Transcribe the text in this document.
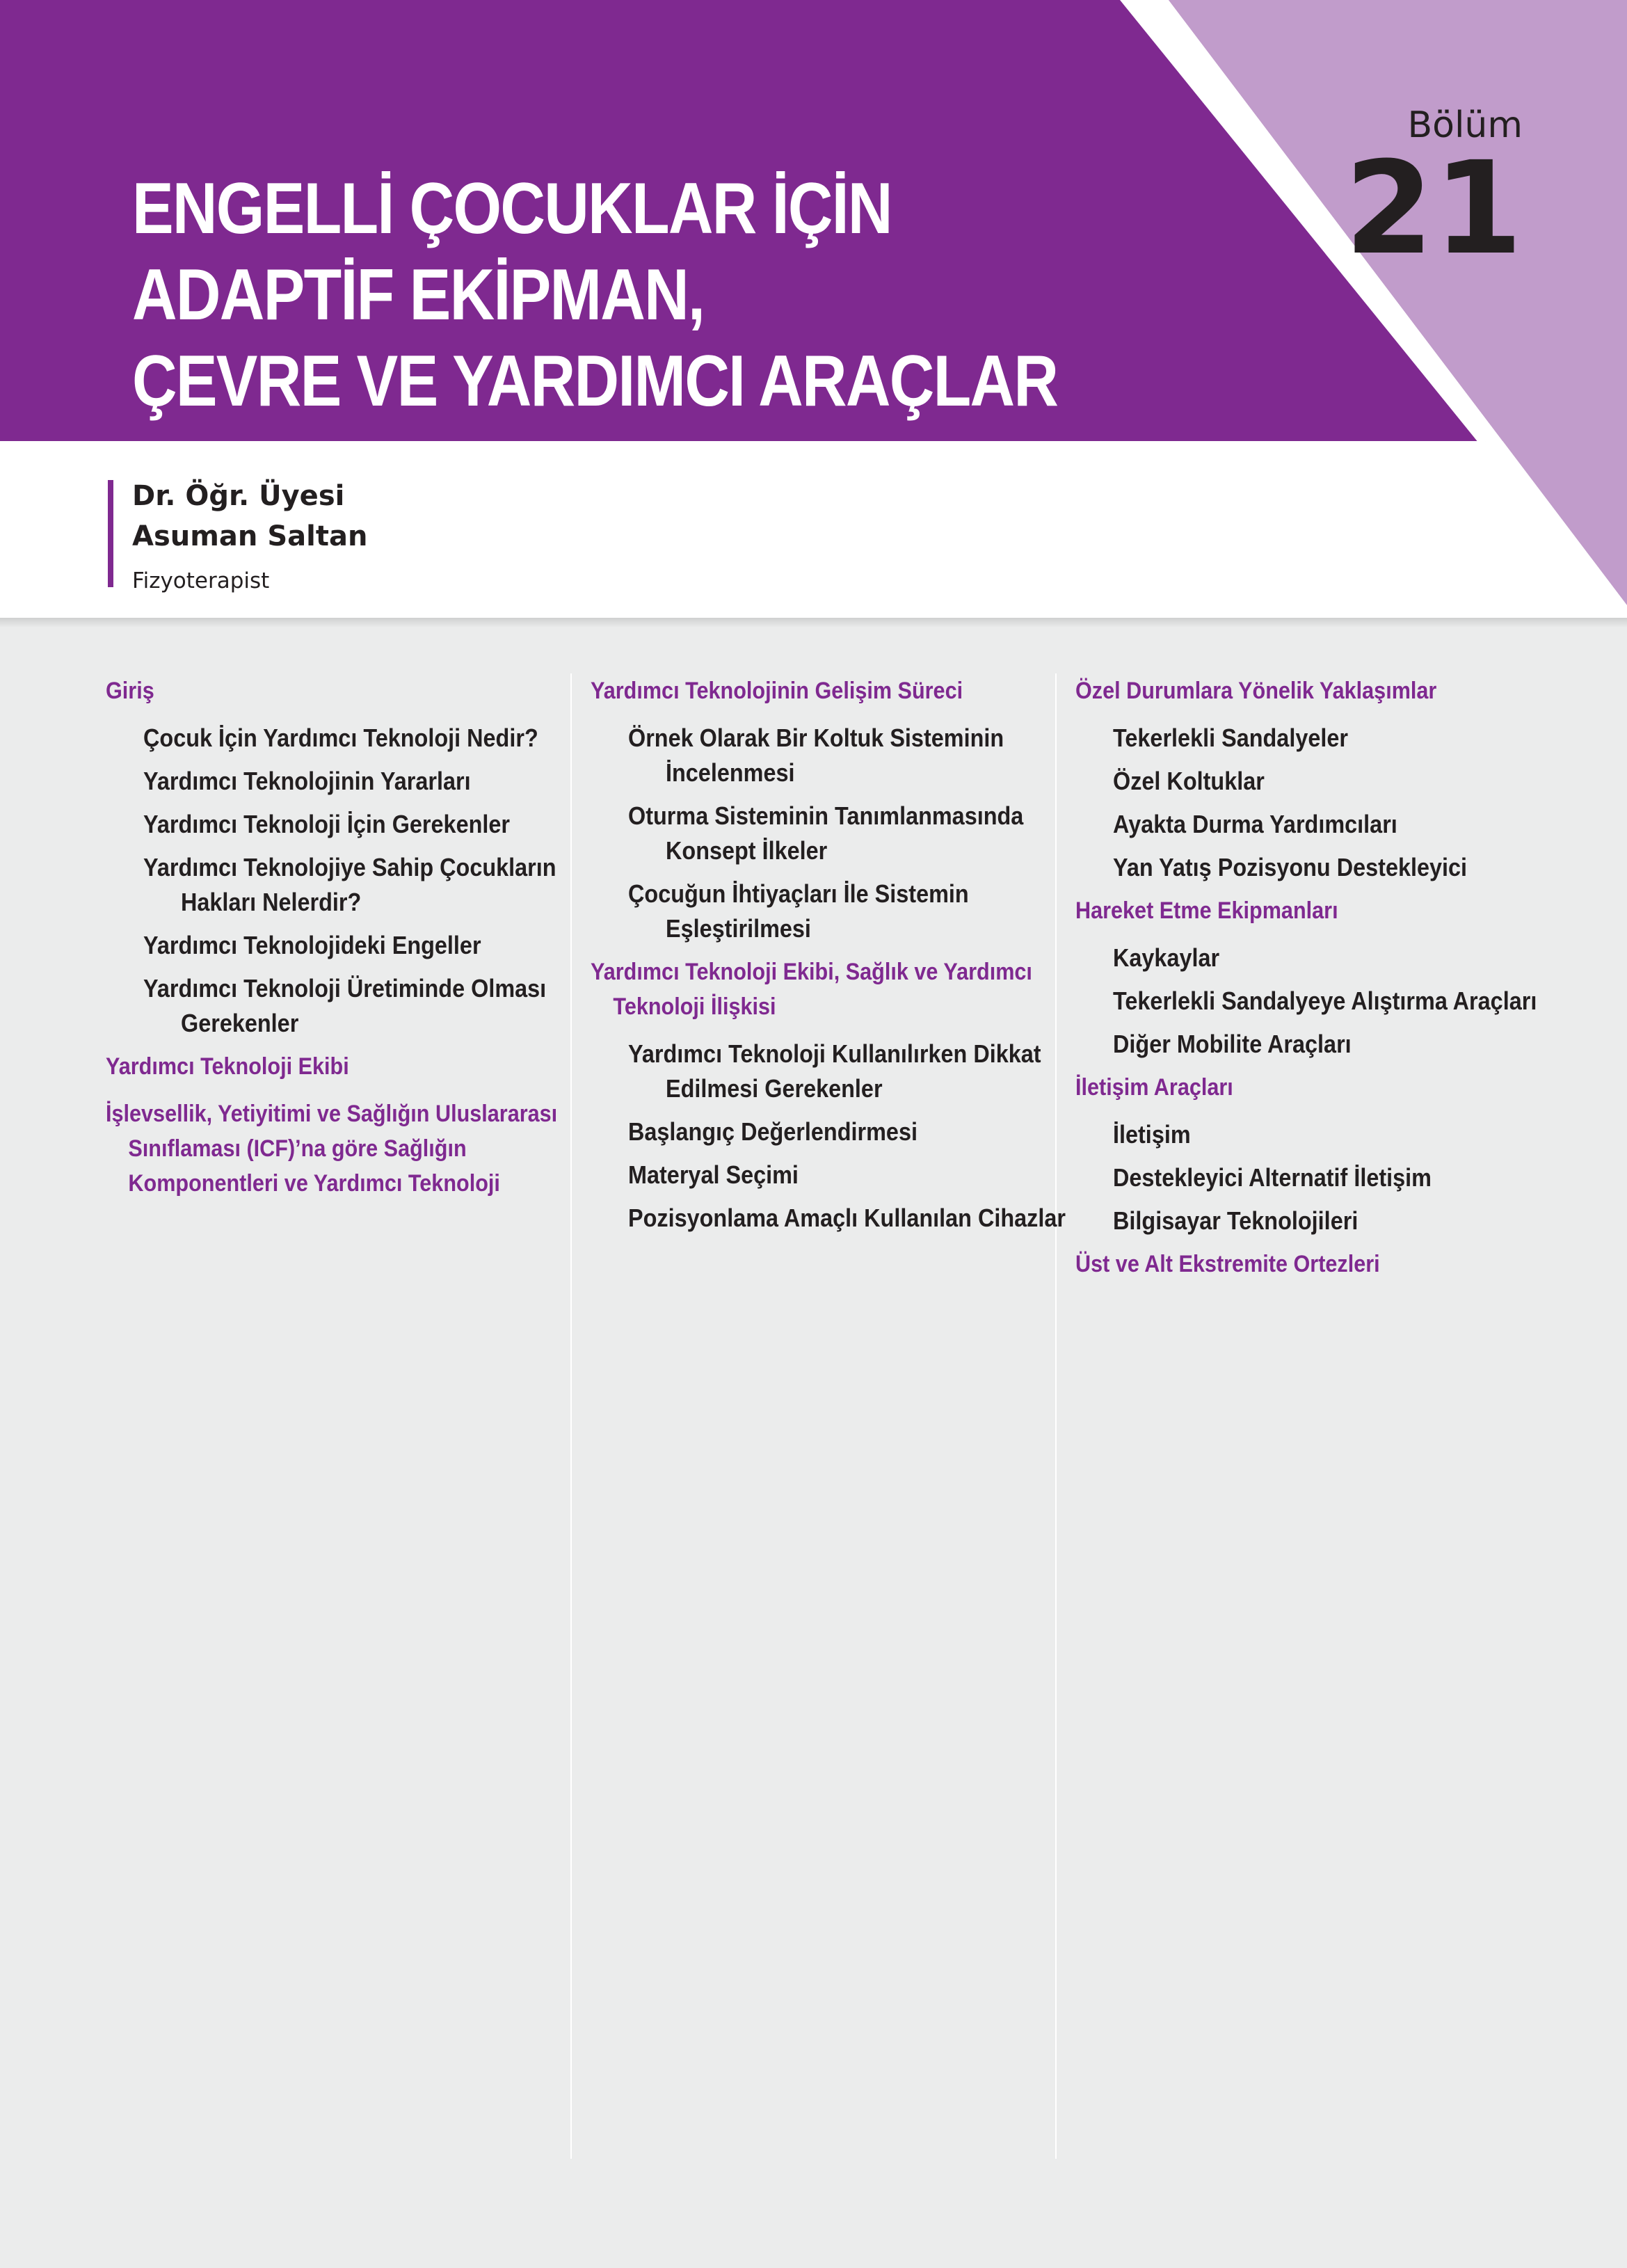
ENGELLİ ÇOCUKLAR İÇİN
ADAPTİF EKİPMAN,
ÇEVRE VE YARDIMCI ARAÇLAR
Bölüm
21
Dr. Öğr. Üyesi
Asuman Saltan
Fizyoterapist
Giriş
Çocuk İçin Yardımcı Teknoloji Nedir?
Yardımcı Teknolojinin Yararları
Yardımcı Teknoloji İçin Gerekenler
Yardımcı Teknolojiye Sahip Çocukların Hakları Nelerdir?
Yardımcı Teknolojideki Engeller
Yardımcı Teknoloji Üretiminde Olması Gerekenler
Yardımcı Teknoloji Ekibi
İşlevsellik, Yetiyitimi ve Sağlığın Uluslararası Sınıflaması (ICF)’na göre Sağlığın Komponentleri ve Yardımcı Teknoloji
Yardımcı Teknolojinin Gelişim Süreci
Örnek Olarak Bir Koltuk Sisteminin İncelenmesi
Oturma Sisteminin Tanımlanmasında Konsept İlkeler
Çocuğun İhtiyaçları İle Sistemin Eşleştirilmesi
Yardımcı Teknoloji Ekibi, Sağlık ve Yardımcı Teknoloji İlişkisi
Yardımcı Teknoloji Kullanılırken Dikkat Edilmesi Gerekenler
Başlangıç Değerlendirmesi
Materyal Seçimi
Pozisyonlama Amaçlı Kullanılan Cihazlar
Özel Durumlara Yönelik Yaklaşımlar
Tekerlekli Sandalyeler
Özel Koltuklar
Ayakta Durma Yardımcıları
Yan Yatış Pozisyonu Destekleyici
Hareket Etme Ekipmanları
Kaykaylar
Tekerlekli Sandalyeye Alıştırma Araçları
Diğer Mobilite Araçları
İletişim Araçları
İletişim
Destekleyici Alternatif İletişim
Bilgisayar Teknolojileri
Üst ve Alt Ekstremite Ortezleri
